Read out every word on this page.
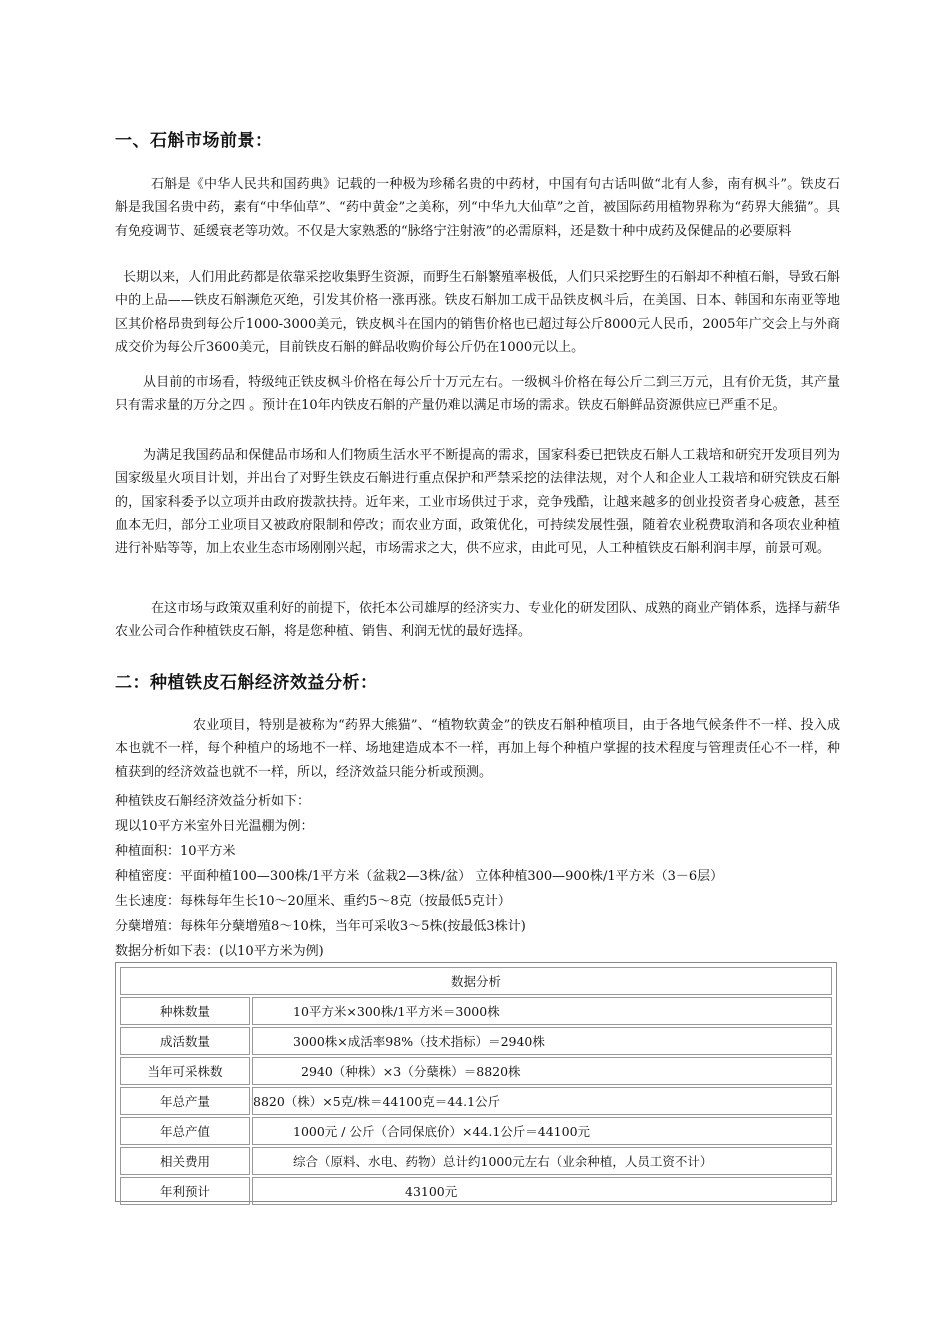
一、石斛市场前景：

石斛是《中华人民共和国药典》记载的一种极为珍稀名贵的中药材，中国有句古话叫做“北有人参，南有枫斗”。铁皮石斛是我国名贵中药，素有“中华仙草”、“药中黄金”之美称，列“中华九大仙草”之首，被国际药用植物界称为“药界大熊猫”。具有免疫调节、延缓衰老等功效。不仅是大家熟悉的“脉络宁注射液”的必需原料，还是数十种中成药及保健品的必要原料

长期以来，人们用此药都是依靠采挖收集野生资源，而野生石斛繁殖率极低，人们只采挖野生的石斛却不种植石斛，导致石斛中的上品——铁皮石斛濒危灭绝，引发其价格一涨再涨。铁皮石斛加工成干品铁皮枫斗后，在美国、日本、韩国和东南亚等地区其价格昂贵到每公斤1000-3000美元，铁皮枫斗在国内的销售价格也已超过每公斤8000元人民币，2005年广交会上与外商成交价为每公斤3600美元，目前铁皮石斛的鲜品收购价每公斤仍在1000元以上。

从目前的市场看，特级纯正铁皮枫斗价格在每公斤十万元左右。一级枫斗价格在每公斤二到三万元，且有价无货，其产量只有需求量的万分之四 。预计在10年内铁皮石斛的产量仍难以满足市场的需求。铁皮石斛鲜品资源供应已严重不足。

为满足我国药品和保健品市场和人们物质生活水平不断提高的需求，国家科委已把铁皮石斛人工栽培和研究开发项目列为国家级星火项目计划，并出台了对野生铁皮石斛进行重点保护和严禁采挖的法律法规，对个人和企业人工栽培和研究铁皮石斛的，国家科委予以立项并由政府拨款扶持。近年来，工业市场供过于求，竞争残酷，让越来越多的创业投资者身心疲惫，甚至血本无归，部分工业项目又被政府限制和停改；而农业方面，政策优化，可持续发展性强，随着农业税费取消和各项农业种植进行补贴等等，加上农业生态市场刚刚兴起，市场需求之大，供不应求，由此可见，人工种植铁皮石斛利润丰厚，前景可观。

在这市场与政策双重利好的前提下，依托本公司雄厚的经济实力、专业化的研发团队、成熟的商业产销体系，选择与薪华农业公司合作种植铁皮石斛，将是您种植、销售、利润无忧的最好选择。

二：种植铁皮石斛经济效益分析：

农业项目，特别是被称为“药界大熊猫”、“植物软黄金”的铁皮石斛种植项目，由于各地气候条件不一样、投入成本也就不一样，每个种植户的场地不一样、场地建造成本不一样，再加上每个种植户掌握的技术程度与管理责任心不一样，种植获到的经济效益也就不一样，所以，经济效益只能分析或预测。

种植铁皮石斛经济效益分析如下：
现以10平方米室外日光温棚为例：
种植面积：10平方米
种植密度：平面种植100—300株/1平方米（盆栽2—3株/盆） 立体种植300—900株/1平方米（3－6层）
生长速度：每株每年生长10～20厘米、重约5～8克（按最低5克计）
分蘖增殖：每株年分蘖增殖8～10株，当年可采收3～5株(按最低3株计)
数据分析如下表：(以10平方米为例)
数据分析	
种株数量	10平方米×300株/1平方米＝3000株
成活数量	3000株×成活率98%（技术指标）＝2940株
当年可采株数	2940（种株）×3（分蘖株）＝8820株
年总产量	8820（株）×5克/株＝44100克＝44.1公斤
年总产值	1000元 / 公斤（合同保底价）×44.1公斤＝44100元
相关费用	综合（原料、水电、药物）总计约1000元左右（业余种植，人员工资不计）
年利预计	43100元
